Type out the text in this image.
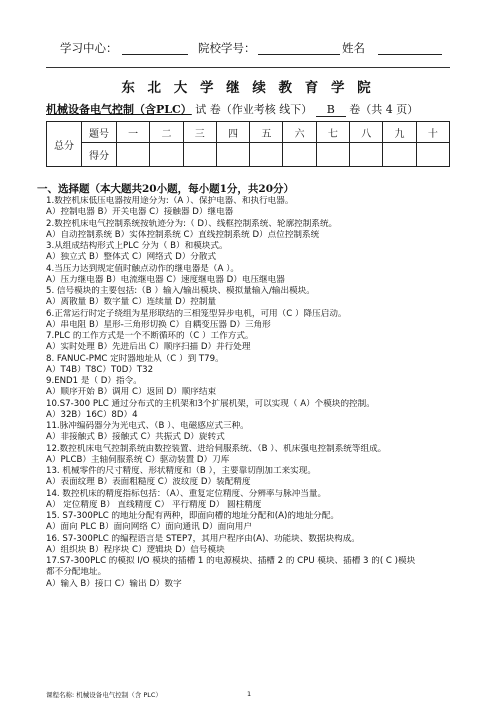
学习中心：	院校学号：	姓名
东 北 大 学 继 续 教 育 学 院
机械设备电气控制（含PLC） 试 卷（作业考核 线下） B 卷（共 4 页）
总分	题号	一	二	三	四	五	六	七	八	九	十
	得分										
一、选择题（本大题共20小题，每小题1分，共20分）
1.数控机床低压电器按用途分为:（A ）、保护电器、和执行电器。
A）控制电器 B）开关电器 C）接触器 D）继电器
2.数控机床电气控制系统按轨迹分为:（ D）、线框控制系统、轮廓控制系统。
A）自动控制系统 B）实体控制系统 C）直线控制系统 D）点位控制系统
3.从组成结构形式上PLC 分为（ B）和模块式。
A）独立式 B）整体式 C）网络式 D）分散式
4.当压力达到规定值时触点动作的继电器是（A ）。
A）压力继电器 B）电流继电器 C）速度继电器 D）电压继电器
5. 信号模块的主要包括:（B ）输入/输出模块、模拟量输入/输出模块。
A）离散量 B）数字量 C）连续量 D）控制量
6.正常运行时定子绕组为星形联结的三相笼型异步电机，可用（C ）降压启动。
A）串电阻 B）星形-三角形切换 C）自耦变压器 D）三角形
7.PLC 的工作方式是一个不断循环的（C ）工作方式。
A）实时处理 B）先进后出 C）顺序扫描 D）并行处理
8. FANUC-PMC 定时器地址从（C ）到 T79。
A）T4B）T8C）T0D）T32
9.END1 是（ D）指令。
A）顺序开始 B）调用 C）返回 D）顺序结束
10.S7-300 PLC 通过分布式的主机架和3个扩展机架，可以实现（ A）个模块的控制。
A）32B）16C）8D）4
11.脉冲编码器分为光电式、（B ）、电磁感应式三种。
A）非接触式 B）接触式 C）共振式 D）旋转式
12.数控机床电气控制系统由数控装置、进给伺服系统、（B ）、机床强电控制系统等组成。
A）PLCB）主轴伺服系统 C）驱动装置 D）刀库
13. 机械零件的尺寸精度、形状精度和（B ），主要靠切削加工来实现。
A）表面纹理 B）表面粗糙度 C）波纹度 D）装配精度
14. 数控机床的精度指标包括：（A）、重复定位精度、分辨率与脉冲当量。
A） 定位精度 B） 直线精度 C） 平行精度 D） 圆柱精度
15. S7-300PLC 的地址分配有两种，即面向槽的地址分配和(A)的地址分配。
A）面向 PLC B）面向网络 C）面向通讯 D）面向用户
16. S7-300PLC 的编程语言是 STEP7，其用户程序由(A)、功能块、数据块构成。
A）组织块 B）程序块 C）逻辑块 D）信号模块
17.S7-300PLC 的模拟 I/O 模块的插槽 1 的电源模块、插槽 2 的 CPU 模块、插槽 3 的( C )模块
都不分配地址。
A）输入 B）接口 C）输出 D）数字
课程名称: 机械设备电气控制（含 PLC）	1
